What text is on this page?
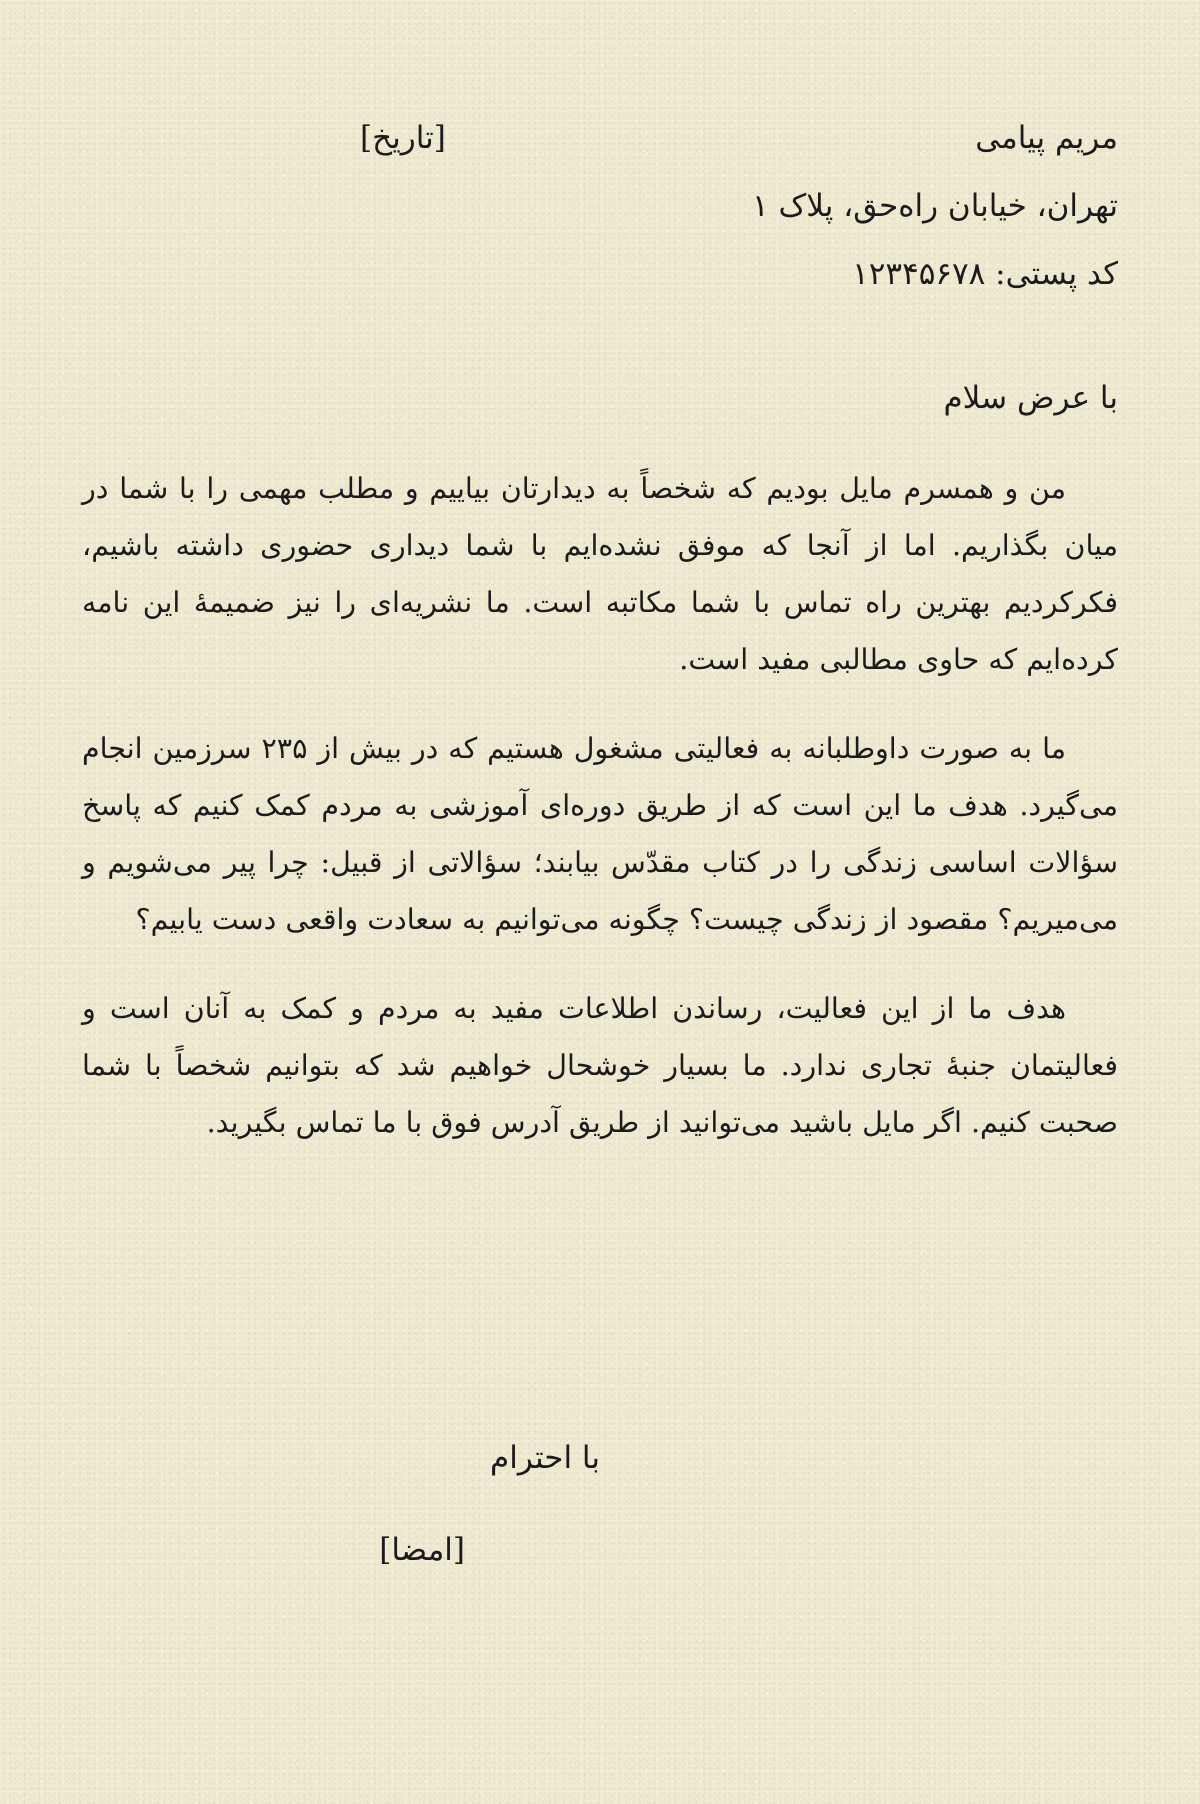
مریم پیامی
تهران، خیابان راه‌حق، پلاک ۱
کد پستی: ۱۲۳۴۵۶۷۸
[تاریخ]
با عرض سلام

من و همسرم مایل بودیم که شخصاً به دیدارتان بیاییم و مطلب مهمی را با شما در میان بگذاریم. اما از آنجا که موفق نشده‌ایم با شما دیداری حضوری داشته باشیم، فکرکردیم بهترین راه تماس با شما مکاتبه است. ما نشریه‌ای را نیز ضمیمهٔ این نامه کرده‌ایم که حاوی مطالبی مفید است.

ما به صورت داوطلبانه به فعالیتی مشغول هستیم که در بیش از ۲۳۵ سرزمین انجام می‌گیرد. هدف ما این است که از طریق دوره‌ای آموزشی به مردم کمک کنیم که پاسخ سؤالات اساسی زندگی را در کتاب مقدّس بیابند؛ سؤالاتی از قبیل: چرا پیر می‌شویم و می‌میریم؟ مقصود از زندگی چیست؟ چگونه می‌توانیم به سعادت واقعی دست یابیم؟

هدف ما از این فعالیت، رساندن اطلاعات مفید به مردم و کمک به آنان است و فعالیتمان جنبهٔ تجاری ندارد. ما بسیار خوشحال خواهیم شد که بتوانیم شخصاً با شما صحبت کنیم. اگر مایل باشید می‌توانید از طریق آدرس فوق با ما تماس بگیرید.

با احترام
[امضا]
